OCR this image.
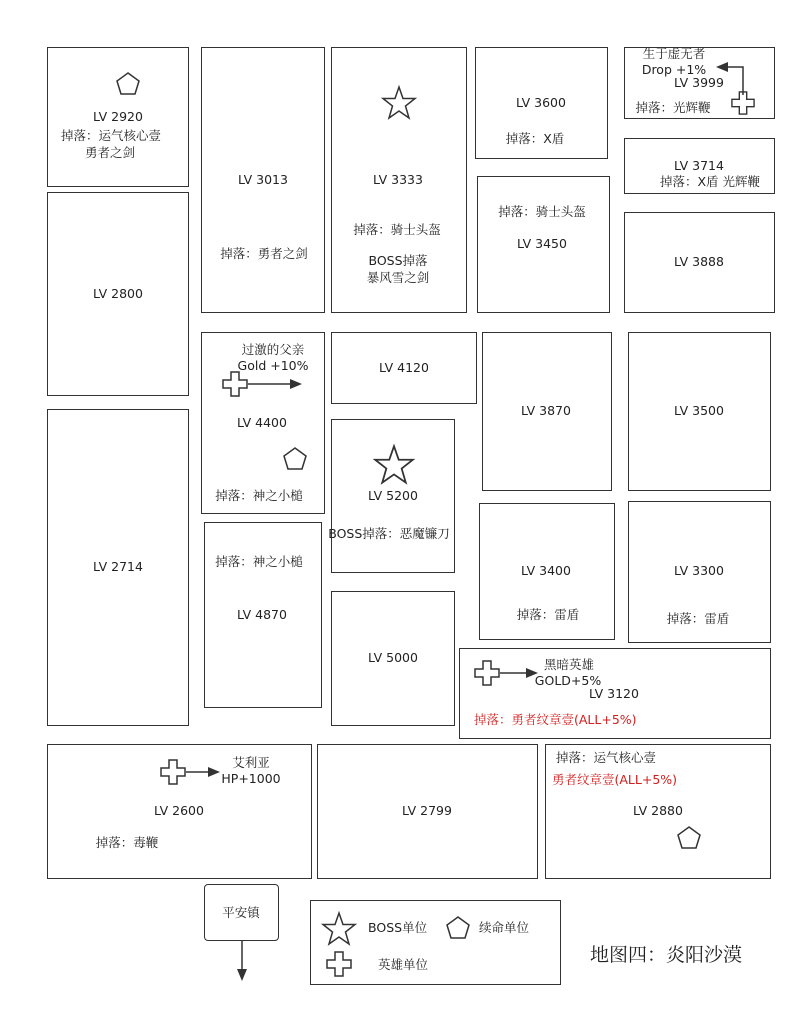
LV 2920
掉落：运气核心壹
勇者之剑
LV 2800
LV 2714
LV 3013
掉落：勇者之剑
过激的父亲
Gold +10%
LV 4400
掉落：神之小槌
掉落：神之小槌
LV 4870
LV 3333
掉落：骑士头盔
BOSS掉落
暴风雪之剑
LV 4120
LV 5200
BOSS掉落：恶魔镰刀
LV 5000
LV 3600
掉落：X盾
掉落：骑士头盔
LV 3450
LV 3870
LV 3400
掉落：雷盾
生于虚无者
Drop +1%
LV 3999
掉落：光辉鞭
LV 3714
掉落：X盾 光辉鞭
LV 3888
LV 3500
LV 3300
掉落：雷盾
黑暗英雄
GOLD+5%
LV 3120
掉落：勇者纹章壹(ALL+5%)
艾利亚
HP+1000
LV 2600
掉落：毒鞭
LV 2799
掉落：运气核心壹
勇者纹章壹(ALL+5%)
LV 2880
平安镇
BOSS单位	续命单位
英雄单位	地图四：炎阳沙漠
